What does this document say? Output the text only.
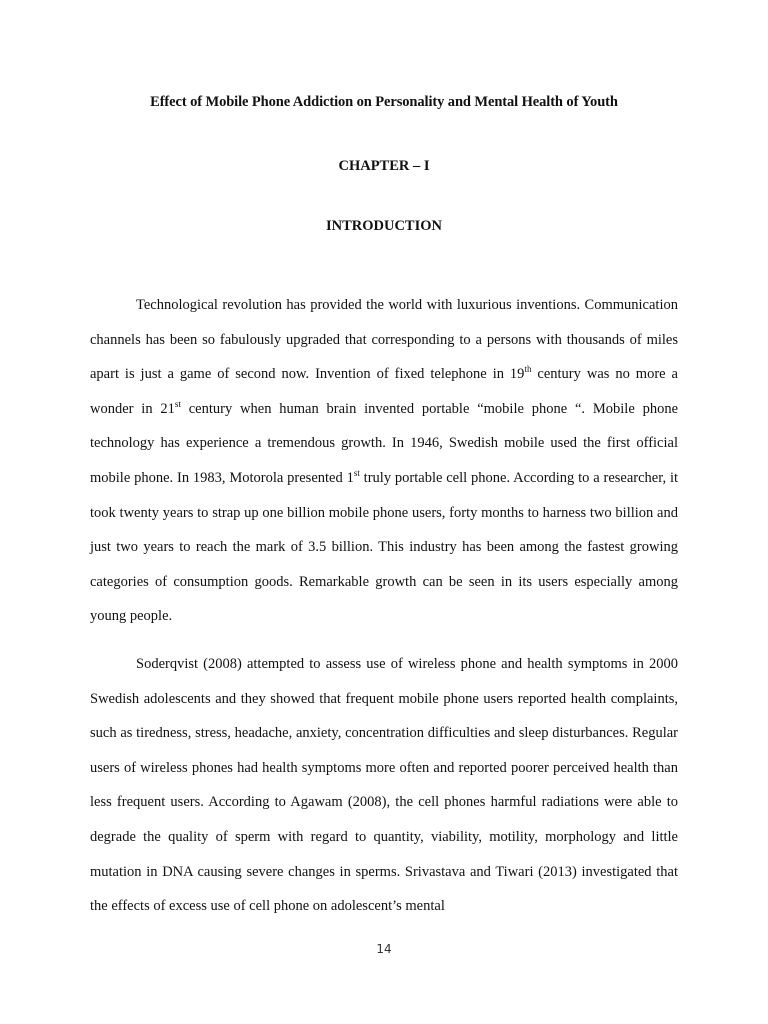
Effect of Mobile Phone Addiction on Personality and Mental Health of Youth
CHAPTER – I
INTRODUCTION

Technological revolution has provided the world with luxurious inventions. Communication channels has been so fabulously upgraded that corresponding to a persons with thousands of miles apart is just a game of second now. Invention of fixed telephone in 19th century was no more a wonder in 21st century when human brain invented portable “mobile phone “. Mobile phone technology has experience a tremendous growth. In 1946, Swedish mobile used the first official mobile phone. In 1983, Motorola presented 1st truly portable cell phone. According to a researcher, it took twenty years to strap up one billion mobile phone users, forty months to harness two billion and just two years to reach the mark of 3.5 billion. This industry has been among the fastest growing categories of consumption goods. Remarkable growth can be seen in its users especially among young people.

Soderqvist (2008) attempted to assess use of wireless phone and health symptoms in 2000 Swedish adolescents and they showed that frequent mobile phone users reported health complaints, such as tiredness, stress, headache, anxiety, concentration difficulties and sleep disturbances. Regular users of wireless phones had health symptoms more often and reported poorer perceived health than less frequent users. According to Agawam (2008), the cell phones harmful radiations were able to degrade the quality of sperm with regard to quantity, viability, motility, morphology and little mutation in DNA causing severe changes in sperms. Srivastava and Tiwari (2013) investigated that the effects of excess use of cell phone on adolescent’s mental

14
